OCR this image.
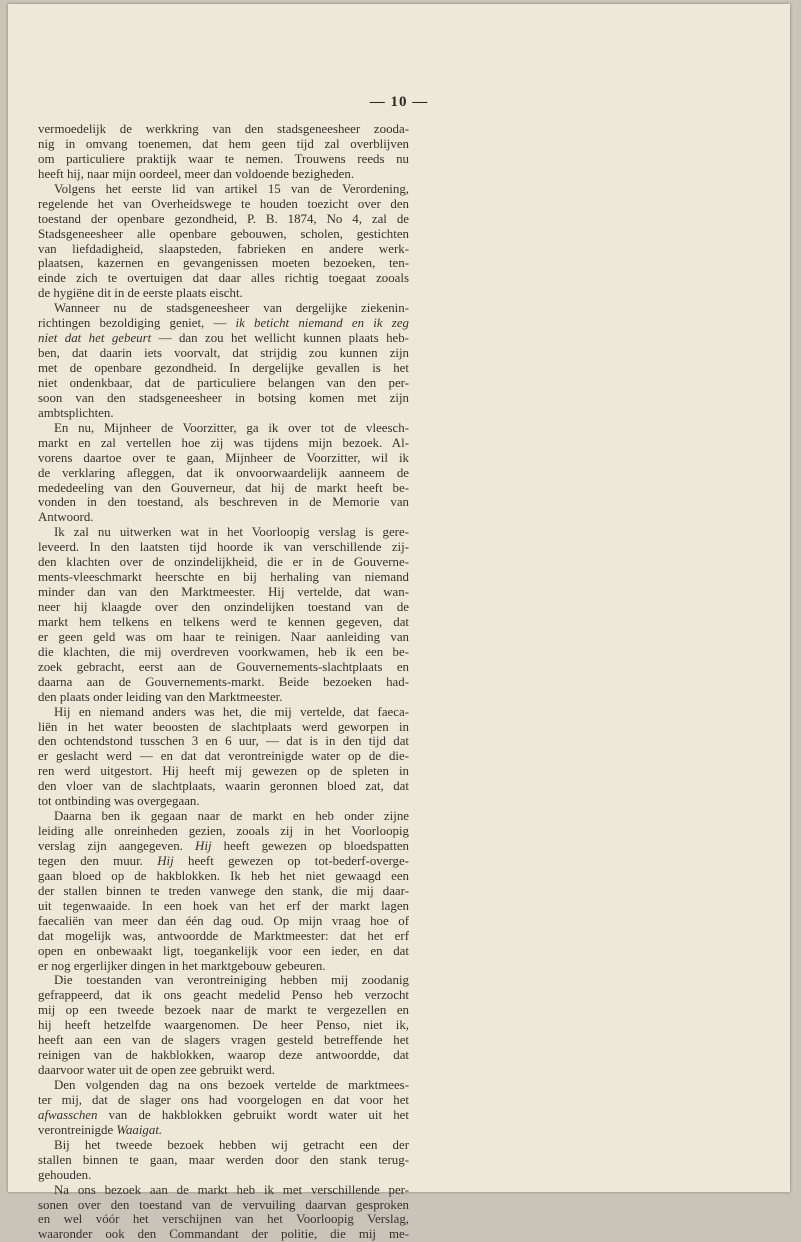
— 10 —
vermoedelijk de werkkring van den stadsgeneesheer zooda-
nig in omvang toenemen, dat hem geen tijd zal overblijven
om particuliere praktijk waar te nemen. Trouwens reeds nu
heeft hij, naar mijn oordeel, meer dan voldoende bezigheden.
Volgens het eerste lid van artikel 15 van de Verordening,
regelende het van Overheidswege te houden toezicht over den
toestand der openbare gezondheid, P. B. 1874, No 4, zal de
Stadsgeneesheer alle openbare gebouwen, scholen, gestichten
van liefdadigheid, slaapsteden, fabrieken en andere werk-
plaatsen, kazernen en gevangenissen moeten bezoeken, ten-
einde zich te overtuigen dat daar alles richtig toegaat zooals
de hygiëne dit in de eerste plaats eischt.
Wanneer nu de stadsgeneesheer van dergelijke ziekenin-
richtingen bezoldiging geniet, — ik beticht niemand en ik zeg
niet dat het gebeurt — dan zou het wellicht kunnen plaats heb-
ben, dat daarin iets voorvalt, dat strijdig zou kunnen zijn
met de openbare gezondheid. In dergelijke gevallen is het
niet ondenkbaar, dat de particuliere belangen van den per-
soon van den stadsgeneesheer in botsing komen met zijn
ambtsplichten.
En nu, Mijnheer de Voorzitter, ga ik over tot de vleesch-
markt en zal vertellen hoe zij was tijdens mijn bezoek. Al-
vorens daartoe over te gaan, Mijnheer de Voorzitter, wil ik
de verklaring afleggen, dat ik onvoorwaardelijk aanneem de
mededeeling van den Gouverneur, dat hij de markt heeft be-
vonden in den toestand, als beschreven in de Memorie van
Antwoord.
Ik zal nu uitwerken wat in het Voorloopig verslag is gere-
leveerd. In den laatsten tijd hoorde ik van verschillende zij-
den klachten over de onzindelijkheid, die er in de Gouverne-
ments-vleeschmarkt heerschte en bij herhaling van niemand
minder dan van den Marktmeester. Hij vertelde, dat wan-
neer hij klaagde over den onzindelijken toestand van de
markt hem telkens en telkens werd te kennen gegeven, dat
er geen geld was om haar te reinigen. Naar aanleiding van
die klachten, die mij overdreven voorkwamen, heb ik een be-
zoek gebracht, eerst aan de Gouvernements-slachtplaats en
daarna aan de Gouvernements-markt. Beide bezoeken had-
den plaats onder leiding van den Marktmeester.
Hij en niemand anders was het, die mij vertelde, dat faeca-
liën in het water beoosten de slachtplaats werd geworpen in
den ochtendstond tusschen 3 en 6 uur, — dat is in den tijd dat
er geslacht werd — en dat dat verontreinigde water op de die-
ren werd uitgestort. Hij heeft mij gewezen op de spleten in
den vloer van de slachtplaats, waarin geronnen bloed zat, dat
tot ontbinding was overgegaan.
Daarna ben ik gegaan naar de markt en heb onder zijne
leiding alle onreinheden gezien, zooals zij in het Voorloopig
verslag zijn aangegeven. Hij heeft gewezen op bloedspatten
tegen den muur. Hij heeft gewezen op tot-bederf-overge-
gaan bloed op de hakblokken. Ik heb het niet gewaagd een
der stallen binnen te treden vanwege den stank, die mij daar-
uit tegenwaaide. In een hoek van het erf der markt lagen
faecaliën van meer dan één dag oud. Op mijn vraag hoe of
dat mogelijk was, antwoordde de Marktmeester: dat het erf
open en onbewaakt ligt, toegankelijk voor een ieder, en dat
er nog ergerlijker dingen in het marktgebouw gebeuren.
Die toestanden van verontreiniging hebben mij zoodanig
gefrappeerd, dat ik ons geacht medelid Penso heb verzocht
mij op een tweede bezoek naar de markt te vergezellen en
hij heeft hetzelfde waargenomen. De heer Penso, niet ik,
heeft aan een van de slagers vragen gesteld betreffende het
reinigen van de hakblokken, waarop deze antwoordde, dat
daarvoor water uit de open zee gebruikt werd.
Den volgenden dag na ons bezoek vertelde de marktmees-
ter mij, dat de slager ons had voorgelogen en dat voor het
afwasschen van de hakblokken gebruikt wordt water uit het
verontreinigde Waaigat.
Bij het tweede bezoek hebben wij getracht een der
stallen binnen te gaan, maar werden door den stank terug-
gehouden.
Na ons bezoek aan de markt heb ik met verschillende per-
sonen over den toestand van de vervuiling daarvan gesproken
en wel vóór het verschijnen van het Voorloopig Verslag,
waaronder ook den Commandant der politie, die mij me-
